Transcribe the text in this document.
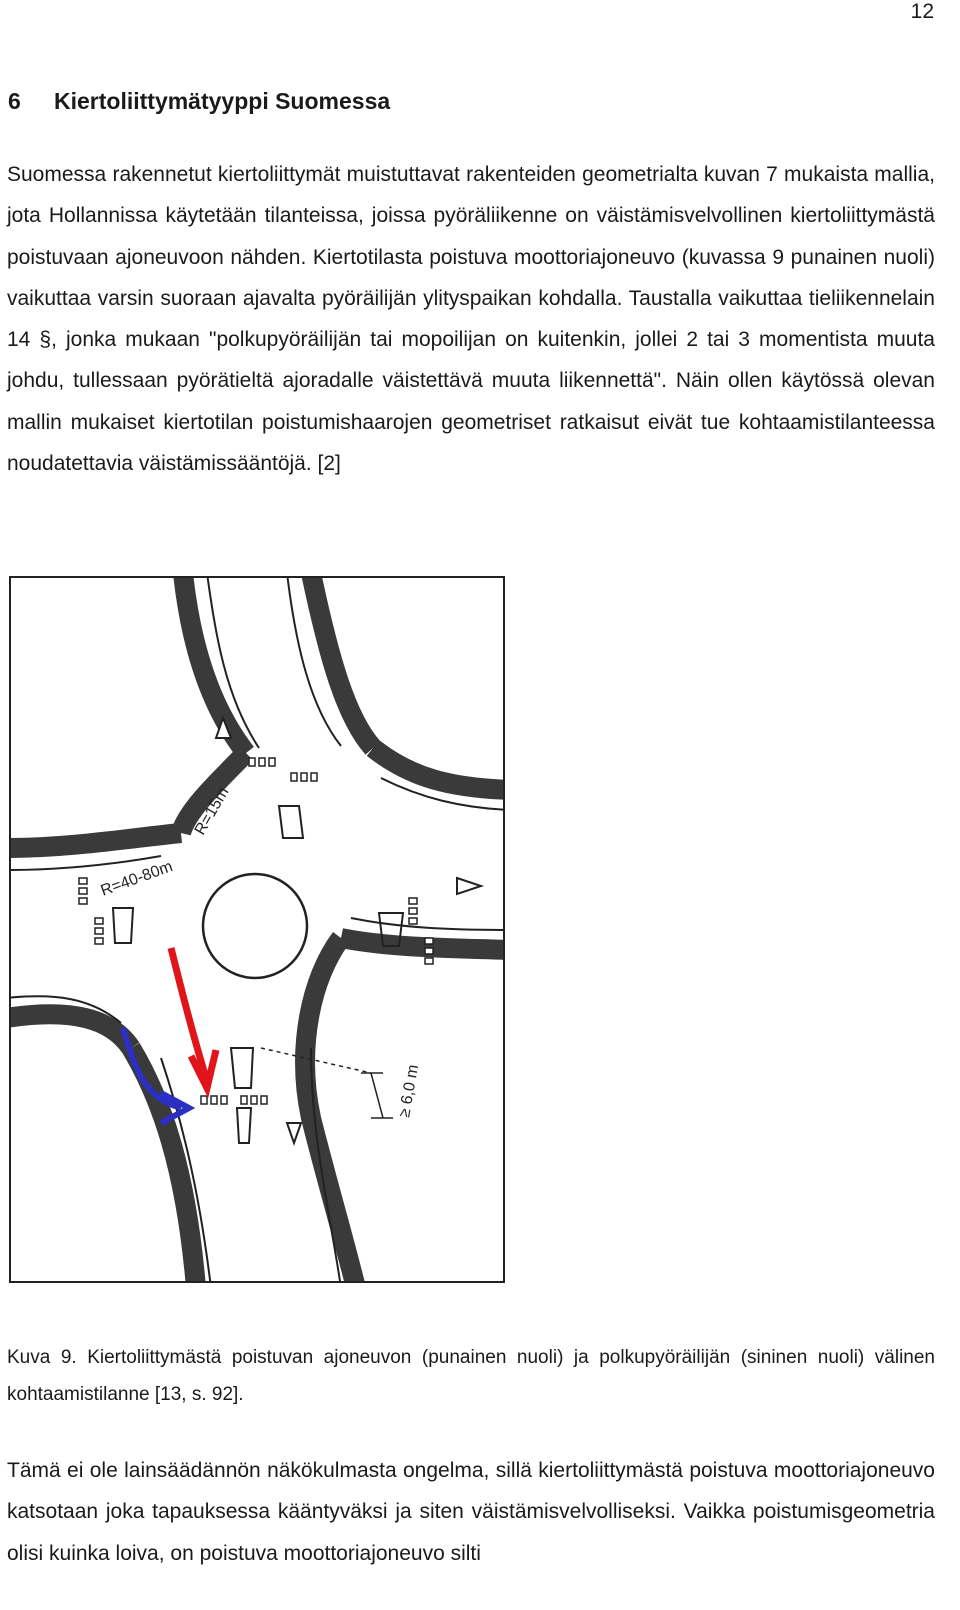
12
6 Kiertoliittymätyyppi Suomessa

Suomessa rakennetut kiertoliittymät muistuttavat rakenteiden geometrialta kuvan 7 mukaista mallia, jota Hollannissa käytetään tilanteissa, joissa pyöräliikenne on väistämisvelvollinen kiertoliittymästä poistuvaan ajoneuvoon nähden. Kiertotilasta poistuva moottoriajoneuvo (kuvassa 9 punainen nuoli) vaikuttaa varsin suoraan ajavalta pyöräilijän ylityspaikan kohdalla. Taustalla vaikuttaa tieliikennelain 14 §, jonka mukaan "polkupyöräilijän tai mopoilijan on kuitenkin, jollei 2 tai 3 momentista muuta johdu, tullessaan pyörätieltä ajoradalle väistettävä muuta liikennettä". Näin ollen käytössä olevan mallin mukaiset kiertotilan poistumishaarojen geometriset ratkaisut eivät tue kohtaamistilanteessa noudatettavia väistämissääntöjä. [2]

R=15m
R=40-80m
≥ 6,0 m

Kuva 9. Kiertoliittymästä poistuvan ajoneuvon (punainen nuoli) ja polkupyöräilijän (sininen nuoli) välinen kohtaamistilanne [13, s. 92].

Tämä ei ole lainsäädännön näkökulmasta ongelma, sillä kiertoliittymästä poistuva moottoriajoneuvo katsotaan joka tapauksessa kääntyväksi ja siten väistämisvelvolliseksi. Vaikka poistumisgeometria olisi kuinka loiva, on poistuva moottoriajoneuvo silti
